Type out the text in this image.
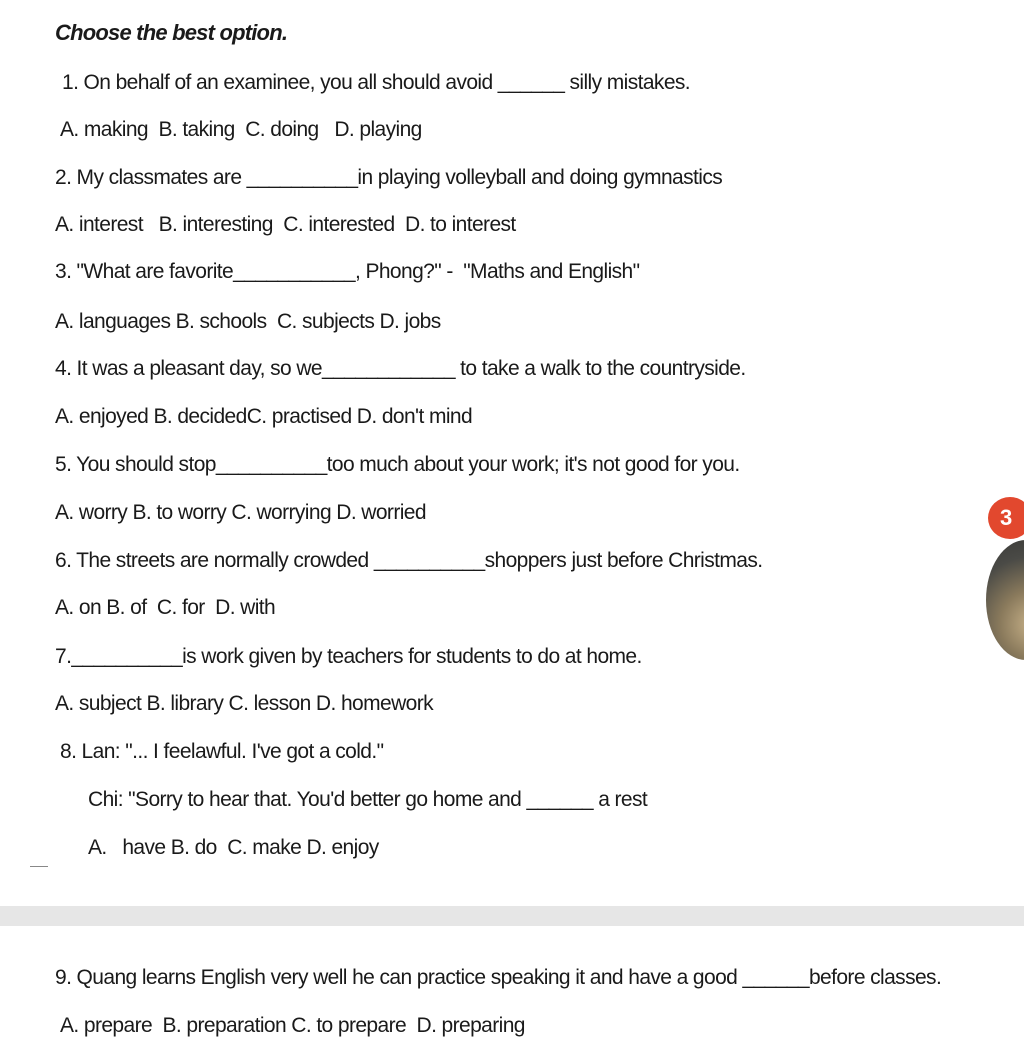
Choose the best option.
1. On behalf of an examinee, you all should avoid ______ silly mistakes.
A. making  B. taking  C. doing   D. playing
2. My classmates are __________in playing volleyball and doing gymnastics
A. interest   B. interesting  C. interested  D. to interest
3. "What are favorite___________, Phong?" -  "Maths and English"
A. languages B. schools  C. subjects D. jobs
4. It was a pleasant day, so we____________ to take a walk to the countryside.
A. enjoyed B. decidedC. practised D. don't mind
5. You should stop__________too much about your work; it's not good for you.
A. worry B. to worry C. worrying D. worried
6. The streets are normally crowded __________shoppers just before Christmas.
A. on B. of  C. for  D. with
7.__________is work given by teachers for students to do at home.
A. subject B. library C. lesson D. homework
8. Lan: "... I feelawful. I've got a cold."
Chi: "Sorry to hear that. You'd better go home and ______ a rest
A.   have B. do  C. make D. enjoy
9. Quang learns English very well he can practice speaking it and have a good ______before classes.
A. prepare  B. preparation C. to prepare  D. preparing
3
